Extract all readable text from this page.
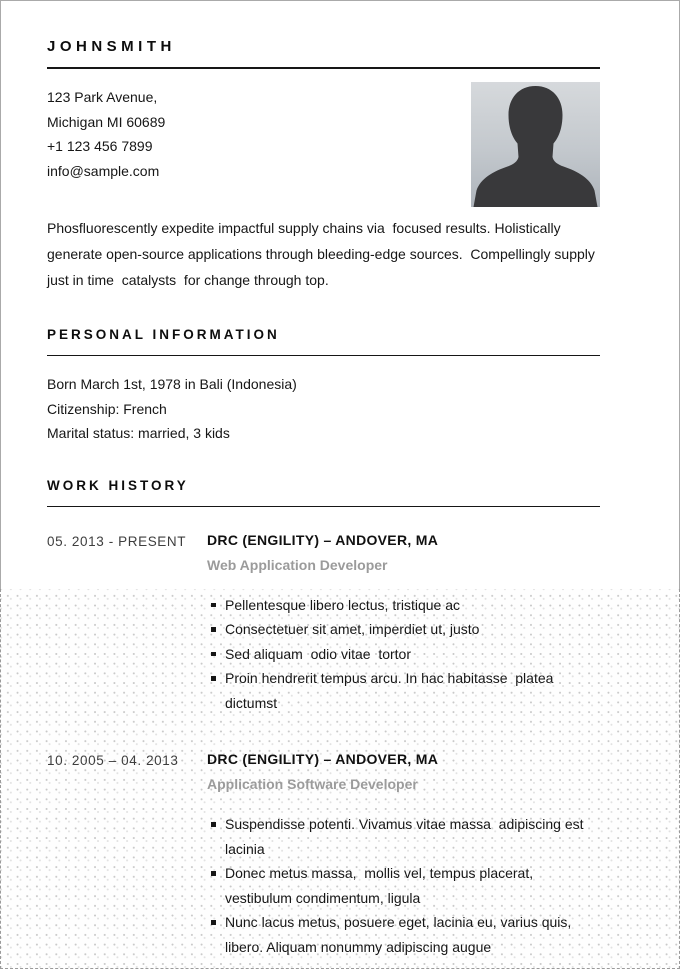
JOHNSMITH
123 Park Avenue,
Michigan MI 60689
+1 123 456 7899
info@sample.com

Phosfluorescently expedite impactful supply chains via  focused results. Holistically generate open-source applications through bleeding-edge sources.  Compellingly supply just in time  catalysts  for change through top.

PERSONAL INFORMATION
Born March 1st, 1978 in Bali (Indonesia)
Citizenship: French
Marital status: married, 3 kids
WORK HISTORY
05. 2013 - PRESENT	DRC (ENGILITY) – ANDOVER, MA
Web Application Developer
Pellentesque libero lectus, tristique ac
Consectetuer sit amet, imperdiet ut, justo
Sed aliquam  odio vitae  tortor
Proin hendrerit tempus arcu. In hac habitasse  platea dictumst
10. 2005 – 04. 2013	DRC (ENGILITY) – ANDOVER, MA
Application Software Developer
Suspendisse potenti. Vivamus vitae massa  adipiscing est lacinia
Donec metus massa,  mollis vel, tempus placerat, vestibulum condimentum, ligula
Nunc lacus metus, posuere eget, lacinia eu, varius quis, libero. Aliquam nonummy adipiscing augue
